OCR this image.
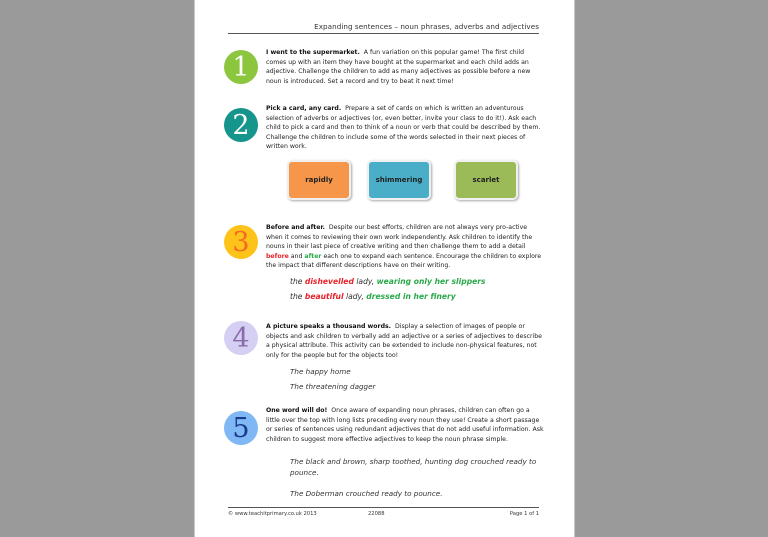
Expanding sentences – noun phrases, adverbs and adjectives
1	I went to the supermarket. A fun variation on this popular game! The first child comes up with an item they have bought at the supermarket and each child adds an adjective. Challenge the children to add as many adjectives as possible before a new noun is introduced. Set a record and try to beat it next time!
2
Pick a card, any card. Prepare a set of cards on which is written an adventurous selection of adverbs or adjectives (or, even better, invite your class to do it!). Ask each child to pick a card and then to think of a noun or verb that could be described by them. Challenge the children to include some of the words selected in their next pieces of written work.
rapidly	shimmering	scarlet
3	Before and after. Despite our best efforts, children are not always very pro-active when it comes to reviewing their own work independently. Ask children to identify the nouns in their last piece of creative writing and then challenge them to add a detail before and after each one to expand each sentence. Encourage the children to explore the impact that different descriptions have on their writing.
the dishevelled lady, wearing only her slippers
the beautiful lady, dressed in her finery
4	A picture speaks a thousand words. Display a selection of images of people or objects and ask children to verbally add an adjective or a series of adjectives to describe a physical attribute. This activity can be extended to include non-physical features, not only for the people but for the objects too!
The happy home
The threatening dagger
5
One word will do! Once aware of expanding noun phrases, children can often go a little over the top with long lists preceding every noun they use! Create a short passage or series of sentences using redundant adjectives that do not add useful information. Ask children to suggest more effective adjectives to keep the noun phrase simple.
The black and brown, sharp toothed, hunting dog crouched ready to pounce.
The Doberman crouched ready to pounce.
© www.teachitprimary.co.uk 2013	22088	Page 1 of 1
